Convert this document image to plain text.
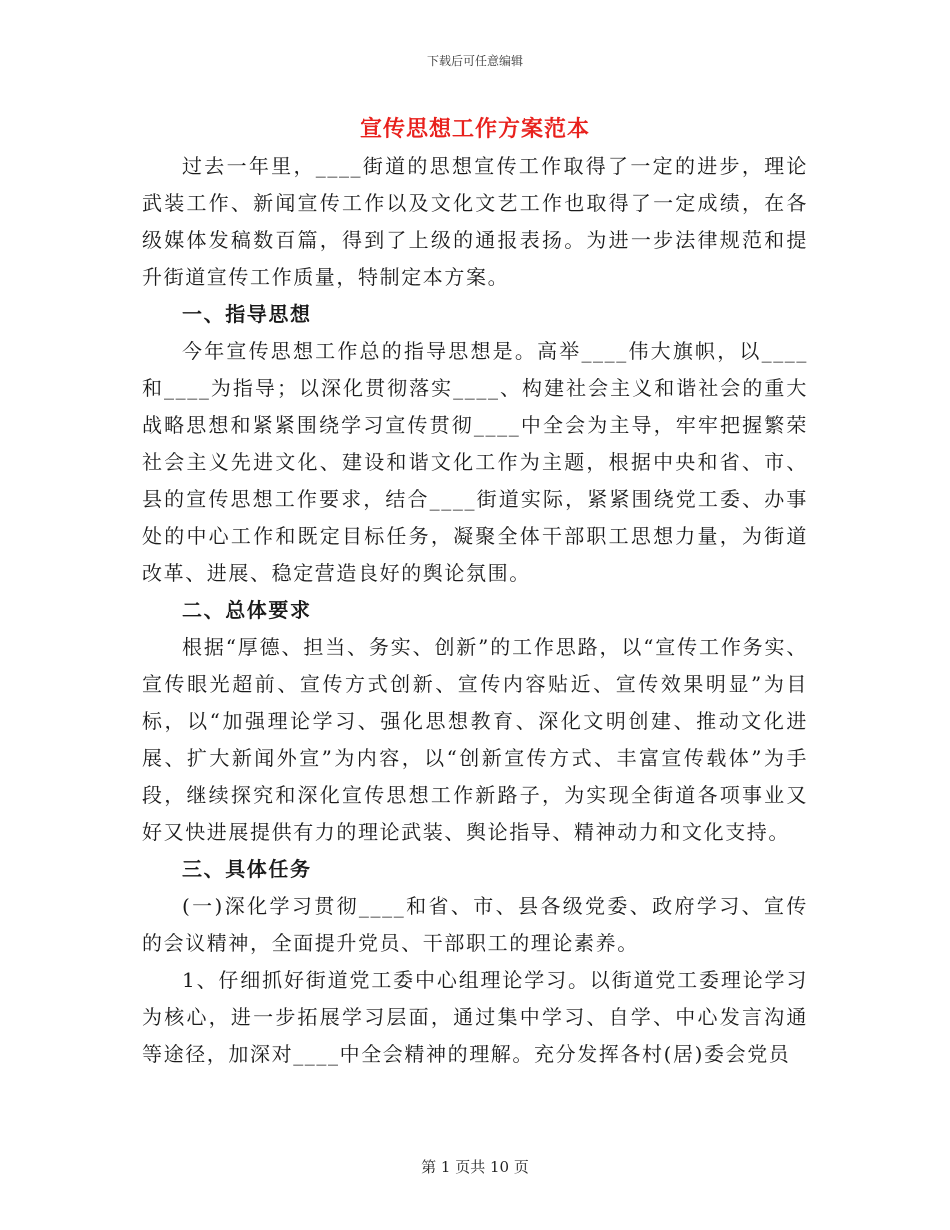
下载后可任意编辑
宣传思想工作方案范本

过去一年里，____街道的思想宣传工作取得了一定的进步，理论武装工作、新闻宣传工作以及文化文艺工作也取得了一定成绩，在各级媒体发稿数百篇，得到了上级的通报表扬。为进一步法律规范和提升街道宣传工作质量，特制定本方案。

一、指导思想

今年宣传思想工作总的指导思想是。高举____伟大旗帜，以____和____为指导；以深化贯彻落实____、构建社会主义和谐社会的重大战略思想和紧紧围绕学习宣传贯彻____中全会为主导，牢牢把握繁荣社会主义先进文化、建设和谐文化工作为主题，根据中央和省、市、县的宣传思想工作要求，结合____街道实际，紧紧围绕党工委、办事处的中心工作和既定目标任务，凝聚全体干部职工思想力量，为街道改革、进展、稳定营造良好的舆论氛围。

二、总体要求

根据“厚德、担当、务实、创新”的工作思路，以“宣传工作务实、宣传眼光超前、宣传方式创新、宣传内容贴近、宣传效果明显”为目标，以“加强理论学习、强化思想教育、深化文明创建、推动文化进展、扩大新闻外宣”为内容，以“创新宣传方式、丰富宣传载体”为手段，继续探究和深化宣传思想工作新路子，为实现全街道各项事业又好又快进展提供有力的理论武装、舆论指导、精神动力和文化支持。

三、具体任务

(一)深化学习贯彻____和省、市、县各级党委、政府学习、宣传的会议精神，全面提升党员、干部职工的理论素养。

1、仔细抓好街道党工委中心组理论学习。以街道党工委理论学习为核心，进一步拓展学习层面，通过集中学习、自学、中心发言沟通等途径，加深对____中全会精神的理解。充分发挥各村(居)委会党员

第 1 页共 10 页
